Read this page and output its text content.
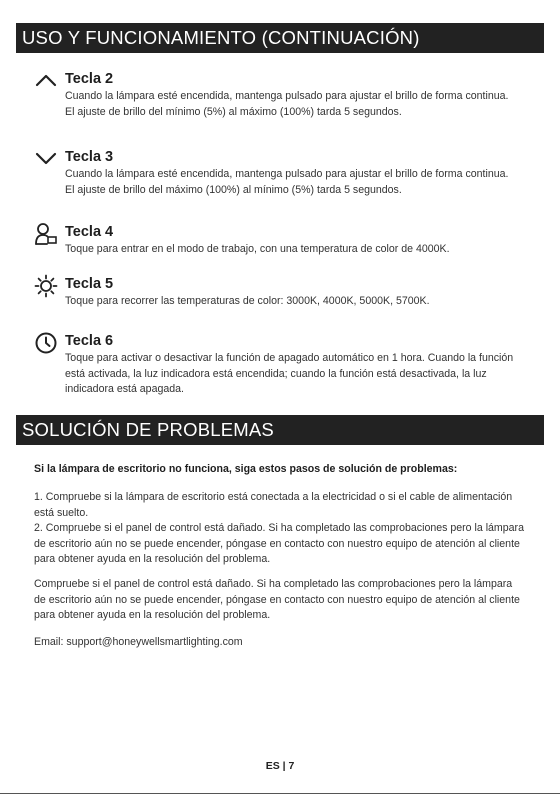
USO Y FUNCIONAMIENTO (CONTINUACIÓN)
Tecla 2

Cuando la lámpara esté encendida, mantenga pulsado para ajustar el brillo de forma continua.

El ajuste de brillo del mínimo (5%) al máximo (100%) tarda 5 segundos.

Tecla 3

Cuando la lámpara esté encendida, mantenga pulsado para ajustar el brillo de forma continua.

El ajuste de brillo del máximo (100%) al mínimo (5%) tarda 5 segundos.

Tecla 4

Toque para entrar en el modo de trabajo, con una temperatura de color de 4000K.

Tecla 5

Toque para recorrer las temperaturas de color: 3000K, 4000K, 5000K, 5700K.

Tecla 6

Toque para activar o desactivar la función de apagado automático en 1 hora. Cuando la función está activada, la luz indicadora está encendida; cuando la función está desactivada, la luz indicadora está apagada.

SOLUCIÓN DE PROBLEMAS
Si la lámpara de escritorio no funciona, siga estos pasos de solución de problemas:

1. Compruebe si la lámpara de escritorio está conectada a la electricidad o si el cable de alimentación está suelto.

2. Compruebe si el panel de control está dañado. Si ha completado las comprobaciones pero la lámpara de escritorio aún no se puede encender, póngase en contacto con nuestro equipo de atención al cliente para obtener ayuda en la resolución del problema.

Compruebe si el panel de control está dañado. Si ha completado las comprobaciones pero la lámpara de escritorio aún no se puede encender, póngase en contacto con nuestro equipo de atención al cliente para obtener ayuda en la resolución del problema.

Email: support@honeywellsmartlighting.com
ES | 7
